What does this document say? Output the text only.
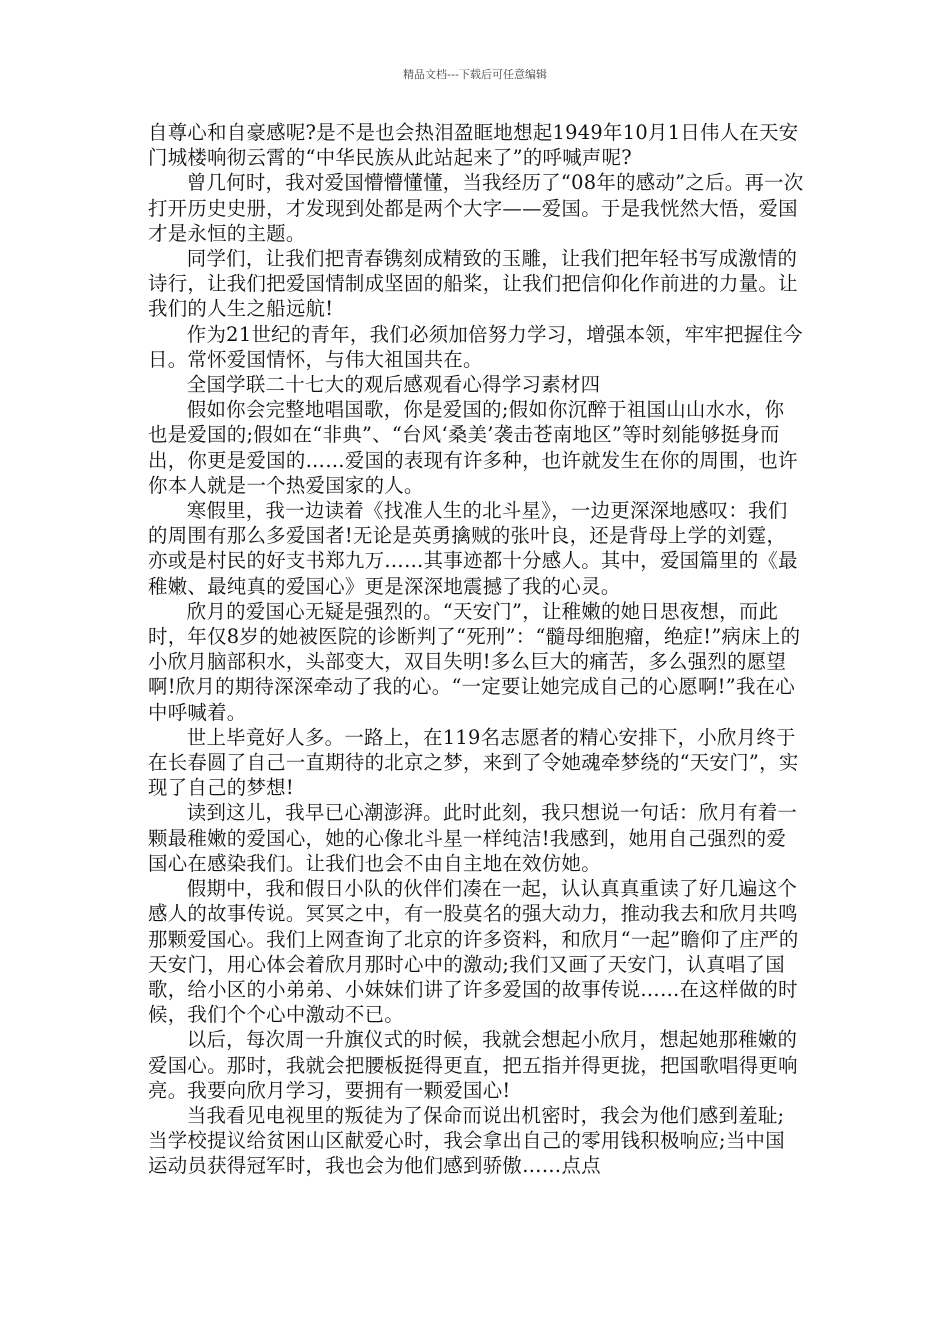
精品文档---下载后可任意编辑

自尊心和自豪感呢?是不是也会热泪盈眶地想起1949年10月1日伟人在天安门城楼响彻云霄的“中华民族从此站起来了”的呼喊声呢?

曾几何时，我对爱国懵懵懂懂，当我经历了“08年的感动”之后。再一次打开历史史册，才发现到处都是两个大字——爱国。于是我恍然大悟，爱国才是永恒的主题。

同学们，让我们把青春镌刻成精致的玉雕，让我们把年轻书写成激情的诗行，让我们把爱国情制成坚固的船桨，让我们把信仰化作前进的力量。让我们的人生之船远航!

作为21世纪的青年，我们必须加倍努力学习，增强本领，牢牢把握住今日。常怀爱国情怀，与伟大祖国共在。

全国学联二十七大的观后感观看心得学习素材四

假如你会完整地唱国歌，你是爱国的;假如你沉醉于祖国山山水水，你也是爱国的;假如在“非典”、“台风‘桑美’袭击苍南地区”等时刻能够挺身而出，你更是爱国的……爱国的表现有许多种，也许就发生在你的周围，也许你本人就是一个热爱国家的人。

寒假里，我一边读着《找准人生的北斗星》，一边更深深地感叹：我们的周围有那么多爱国者!无论是英勇擒贼的张叶良，还是背母上学的刘霆，亦或是村民的好支书郑九万……其事迹都十分感人。其中，爱国篇里的《最稚嫩、最纯真的爱国心》更是深深地震撼了我的心灵。

欣月的爱国心无疑是强烈的。“天安门”，让稚嫩的她日思夜想，而此时，年仅8岁的她被医院的诊断判了“死刑”：“髓母细胞瘤，绝症!”病床上的小欣月脑部积水，头部变大，双目失明!多么巨大的痛苦，多么强烈的愿望啊!欣月的期待深深牵动了我的心。“一定要让她完成自己的心愿啊!”我在心中呼喊着。

世上毕竟好人多。一路上，在119名志愿者的精心安排下，小欣月终于在长春圆了自己一直期待的北京之梦，来到了令她魂牵梦绕的“天安门”，实现了自己的梦想!

读到这儿，我早已心潮澎湃。此时此刻，我只想说一句话：欣月有着一颗最稚嫩的爱国心，她的心像北斗星一样纯洁!我感到，她用自己强烈的爱国心在感染我们。让我们也会不由自主地在效仿她。

假期中，我和假日小队的伙伴们凑在一起，认认真真重读了好几遍这个感人的故事传说。冥冥之中，有一股莫名的强大动力，推动我去和欣月共鸣那颗爱国心。我们上网查询了北京的许多资料，和欣月“一起”瞻仰了庄严的天安门，用心体会着欣月那时心中的激动;我们又画了天安门，认真唱了国歌，给小区的小弟弟、小妹妹们讲了许多爱国的故事传说……在这样做的时候，我们个个心中激动不已。

以后，每次周一升旗仪式的时候，我就会想起小欣月，想起她那稚嫩的爱国心。那时，我就会把腰板挺得更直，把五指并得更拢，把国歌唱得更响亮。我要向欣月学习，要拥有一颗爱国心!

当我看见电视里的叛徒为了保命而说出机密时，我会为他们感到羞耻;当学校提议给贫困山区献爱心时，我会拿出自己的零用钱积极响应;当中国运动员获得冠军时，我也会为他们感到骄傲……点点
